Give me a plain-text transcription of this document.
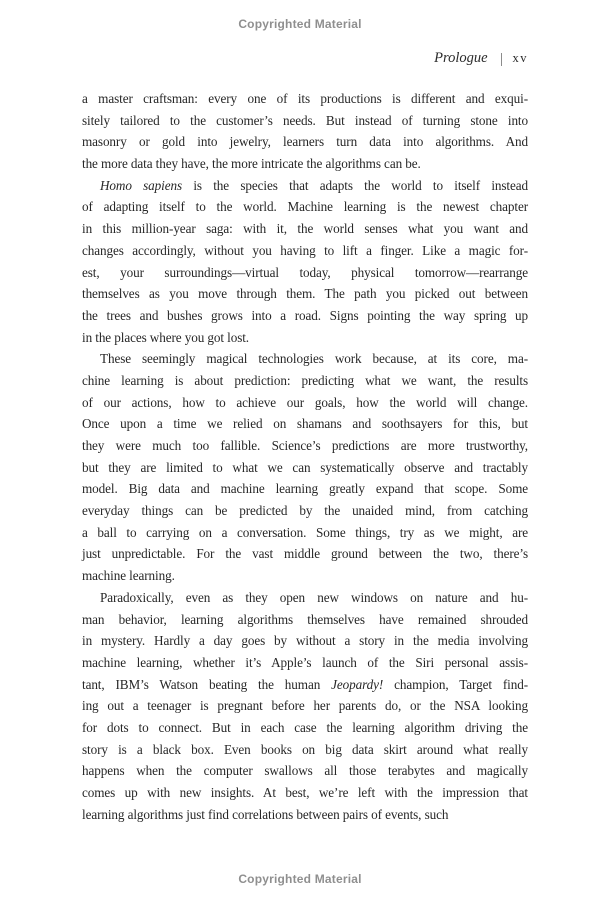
Copyrighted Material
Prologue | xv
a master craftsman: every one of its productions is different and exqui-
sitely tailored to the customer’s needs. But instead of turning stone into
masonry or gold into jewelry, learners turn data into algorithms. And
the more data they have, the more intricate the algorithms can be.
Homo sapiens is the species that adapts the world to itself instead
of adapting itself to the world. Machine learning is the newest chapter
in this million-year saga: with it, the world senses what you want and
changes accordingly, without you having to lift a finger. Like a magic for-
est, your surroundings—virtual today, physical tomorrow—rearrange
themselves as you move through them. The path you picked out between
the trees and bushes grows into a road. Signs pointing the way spring up
in the places where you got lost.
These seemingly magical technologies work because, at its core, ma-
chine learning is about prediction: predicting what we want, the results
of our actions, how to achieve our goals, how the world will change.
Once upon a time we relied on shamans and soothsayers for this, but
they were much too fallible. Science’s predictions are more trustworthy,
but they are limited to what we can systematically observe and tractably
model. Big data and machine learning greatly expand that scope. Some
everyday things can be predicted by the unaided mind, from catching
a ball to carrying on a conversation. Some things, try as we might, are
just unpredictable. For the vast middle ground between the two, there’s
machine learning.
Paradoxically, even as they open new windows on nature and hu-
man behavior, learning algorithms themselves have remained shrouded
in mystery. Hardly a day goes by without a story in the media involving
machine learning, whether it’s Apple’s launch of the Siri personal assis-
tant, IBM’s Watson beating the human Jeopardy! champion, Target find-
ing out a teenager is pregnant before her parents do, or the NSA looking
for dots to connect. But in each case the learning algorithm driving the
story is a black box. Even books on big data skirt around what really
happens when the computer swallows all those terabytes and magically
comes up with new insights. At best, we’re left with the impression that
learning algorithms just find correlations between pairs of events, such
Copyrighted Material
